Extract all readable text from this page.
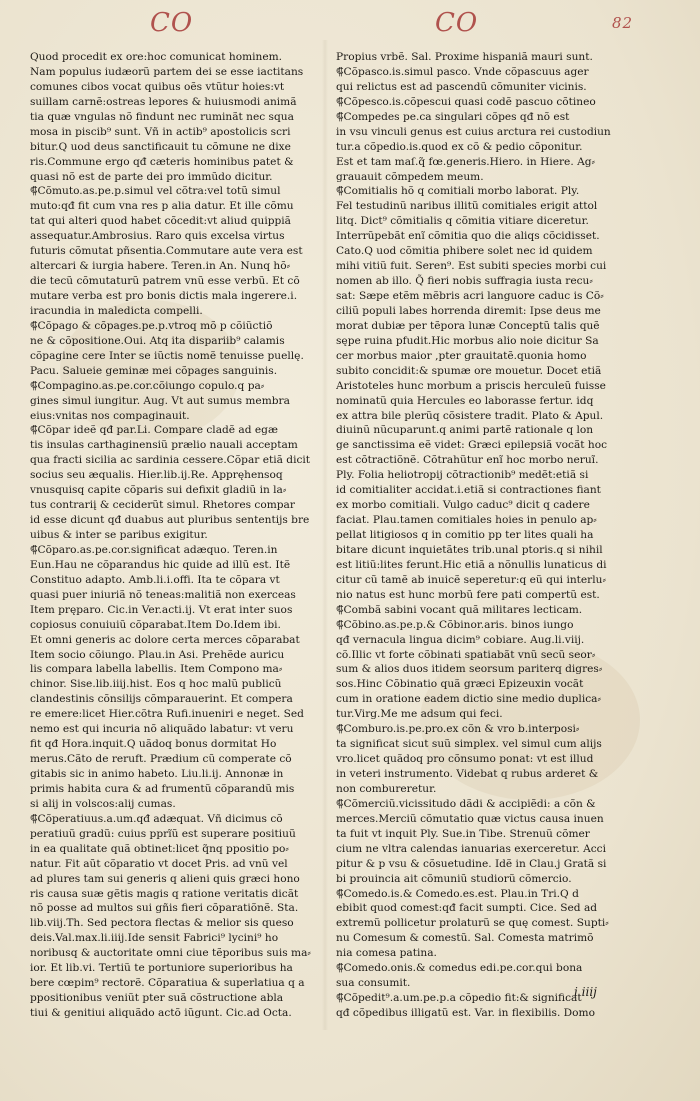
CO	CO	82
Quod procedit ex ore:hoc comunicat hominem.
Nam populus iudæorũ partem dei se esse iactitans
comunes cibos vocat quibus oẽs vtũtur hoies:vt
suillam carnẽ:ostreas lepores & huiusmodi animã
tia quæ vngulas nõ findunt nec ruminãt nec squa
mosa in piscib⁹ sunt. Vñ in actib⁹ apostolicis scri
bitur.Q uod deus sanctificauit tu cõmune ne dixe
ris.Commune ergo qđ cæteris hominibus patet &
quasi nõ est de parte dei pro immũdo dicitur.
⸿Cõmuto.as.pe.p.simul vel cõtra:vel totũ simul
muto:qđ fit cum vna res p alia datur. Et ille cõmu
tat qui alteri quod habet cõcedit:vt aliud quippiã
assequatur.Ambrosius. Raro quis excelsa virtus
futuris cõmutat pñsentia.Commutare aute vera est
altercari & iurgia habere. Teren.in An. Nunq hõ⸗
die tecũ cõmutaturũ patrem vnũ esse verbũ. Et cõ
mutare verba est pro bonis dictis mala ingerere.i.
iracundia in maledicta compelli.
⸿Cõpago & cõpages.pe.p.vtroq mõ p cõiũctiõ
ne & cõpositione.Oui. Atq ita dispariib⁹ calamis
cõpagine cere Inter se iũctis nomẽ tenuisse puellę.
Pacu. Salueie geminæ mei cõpages sanguinis.
⸿Compagino.as.pe.cor.cõiungo copulo.q pa⸗
gines simul iungitur. Aug. Vt aut sumus membra
eius:vnitas nos compaginauit.
⸿Cõpar ideẽ qđ par.Li. Compare cladẽ ad egæ
tis insulas carthaginensiũ prælio nauali acceptam
qua fracti sicilia ac sardinia cessere.Cõpar etiã dicit
socius seu æqualis. Hier.lib.ij.Re. Appręhensoq
vnusquisq capite cõparis sui defixit gladiũ in la⸗
tus contrariį & ceciderũt simul. Rhetores compar
id esse dicunt qđ duabus aut pluribus sententijs bre
uibus & inter se paribus exigitur.
⸿Cõparo.as.pe.cor.significat adæquo. Teren.in
Eun.Hau ne cõparandus hic quide ad illũ est. Itẽ
Constituo adapto. Amb.li.i.offi. Ita te cõpara vt
quasi puer iniuriã nõ teneas:malitiã non exerceas
Item pręparo. Cic.in Ver.acti.ij. Vt erat inter suos
copiosus conuiuiũ cõparabat.Item Do.Idem ibi.
Et omni generis ac dolore certa merces cõparabat
Item socio cõiungo. Plau.in Asi. Prehẽde auricu
lis compara labella labellis. Item Compono ma⸗
chinor. Sise.lib.iiij.hist. Eos q hoc malũ publicũ
clandestinis cõnsilijs cõmparauerint. Et compera
re emere:licet Hier.cõtra Rufi.inueniri e neget. Sed
nemo est qui incuria nõ aliquãdo labatur: vt veru
fit qđ Hora.inquit.Q uãdoq bonus dormitat Ho
merus.Cãto de reruft. Prædium cũ comperate cõ
gitabis sic in animo habeto. Liu.li.ij. Annonæ in
primis habita cura & ad frumentũ cõparandũ mis
si alij in volscos:alij cumas.
⸿Cõperatiuus.a.um.qđ adæquat. Vñ dicimus cõ
peratiuũ gradũ: cuius pprĩũ est superare positiuũ
in ea qualitate quã obtinet:licet q̃nq ppositio po⸗
natur. Fit aũt cõparatio vt docet Pris. ad vnũ vel
ad plures tam sui generis q alieni quis græci hono
ris causa suæ gẽtis magis q ratione veritatis dicãt
nõ posse ad multos sui gñis fieri cõparatiõnẽ. Sta.
lib.viij.Th. Sed pectora flectas & melior sis queso
deis.Val.max.li.iiij.Ide sensit Fabrici⁹ lycini⁹ ho
noribusq & auctoritate omni ciue tẽporibus suis ma⸗
ior. Et lib.vi. Tertiũ te portuniore superioribus ha
bere cœpim⁹ rectorẽ. Cõparatiua & superlatiua q a
ppositionibus veniũt pter suã cõstructione abla
tiui & genitiui aliquãdo actõ iũgunt. Cic.ad Octa.
Propius vrbẽ. Sal. Proxime hispaniã mauri sunt.
⸿Cõpasco.is.simul pasco. Vnde cõpascuus ager
qui relictus est ad pascendũ cõmuniter vicinis.
⸿Cõpesco.is.cõpescui quasi codẽ pascuo cõtineo
⸿Compedes pe.ca singulari cõpes qđ nõ est
in vsu vinculi genus est cuius arctura rei custodiun
tur.a cõpedio.is.quod ex cõ & pedio cõponitur.
Est et tam maſ.q̃ fœ.generis.Hiero. in Hiere. Ag⸗
grauauit cõmpedem meum.
⸿Comitialis hõ q comitiali morbo laborat. Ply.
Fel testudinũ naribus illitũ comitiales erigit attol
litq. Dict⁹ cõmitialis q cõmitia vitiare diceretur.
Interrũpebãt enĩ cõmitia quo die aliqs cõcidisset.
Cato.Q uod cõmitia phibere solet nec id quidem
mihi vitiũ fuit. Seren⁹. Est subiti species morbi cui
nomen ab illo. Q̃ fieri nobis suffragia iusta recu⸗
sat: Sæpe etẽm mẽbris acri languore caduc is Cõ⸗
ciliũ populi labes horrenda diremit: Ipse deus me
morat dubiæ per tẽpora lunæ Conceptũ talis quẽ
sępe ruina pfudit.Hic morbus alio noie dicitur Sa
cer morbus maior ,pter grauitatẽ.quonia homo
subito concidit:& spumæ ore mouetur. Docet etiã
Aristoteles hunc morbum a priscis herculeũ fuisse
nominatũ quia Hercules eo laborasse fertur. idq
ex attra bile plerũq cõsistere tradit. Plato & Apul.
diuinũ nũcuparunt.q animi partẽ rationale q lon
ge sanctissima eẽ videt: Græci epilepsiã vocãt hoc
est cõtractiõnẽ. Cõtrahũtur enĩ hoc morbo neruĩ.
Ply. Folia heliotropij cõtractionib⁹ medẽt:etiã si
id comitialiter accidat.i.etiã si contractiones fiant
ex morbo comitiali. Vulgo caduc⁹ dicit q cadere
faciat. Plau.tamen comitiales hoies in penulo ap⸗
pellat litigiosos q in comitio pp ter lites quali ha
bitare dicunt inquietãtes trib.unal ptoris.q si nihil
est litiũ:lites ferunt.Hic etiã a nõnullis lunaticus di
citur cũ tamẽ ab inuicẽ seperetur:q eũ qui interlu⸗
nio natus est hunc morbũ fere pati compertũ est.
⸿Combã sabini vocant quã militares lecticam.
⸿Cõbino.as.pe.p.& Cõbinor.aris. binos iungo
qđ vernacula lingua dicim⁹ cobiare. Aug.li.viij.
cõ.Illic vt forte cõbinati spatiabãt vnũ secũ seor⸗
sum & alios duos itidem seorsum pariterq digres⸗
sos.Hinc Cõbinatio quã græci Epizeuxin vocãt
cum in oratione eadem dictio sine medio duplica⸗
tur.Virg.Me me adsum qui feci.
⸿Comburo.is.pe.pro.ex cõn & vro b.interposi⸗
ta significat sicut suũ simplex. vel simul cum alijs
vro.licet quãdoq pro cõnsumo ponat: vt est illud
in veteri instrumento. Videbat q rubus arderet &
non combureretur.
⸿Cõmerciũ.vicissitudo dãdi & accipiẽdi: a cõn &
merces.Merciũ cõmutatio quæ victus causa inuen
ta fuit vt inquit Ply. Sue.in Tibe. Strenuũ cõmer
cium ne vltra calendas ianuarias exerceretur. Acci
pitur & p vsu & cõsuetudine. Idẽ in Clau.j Gratã si
bi prouincia ait cõmuniũ studiorũ cõmercio.
⸿Comedo.is.& Comedo.es.est. Plau.in Tri.Q d
ebibit quod comest:qđ facit sumpti. Cice. Sed ad
extremũ pollicetur prolaturũ se quę comest. Supti⸗
nu Comesum & comestũ. Sal. Comesta matrimõ
nia comesa patina.
⸿Comedo.onis.& comedus edi.pe.cor.qui bona
sua consumit.
⸿Cõpedit⁹.a.um.pe.p.a cõpedio fit:& significat
qđ cõpedibus illigatũ est. Var. in flexibilis. Domo
i iiij
